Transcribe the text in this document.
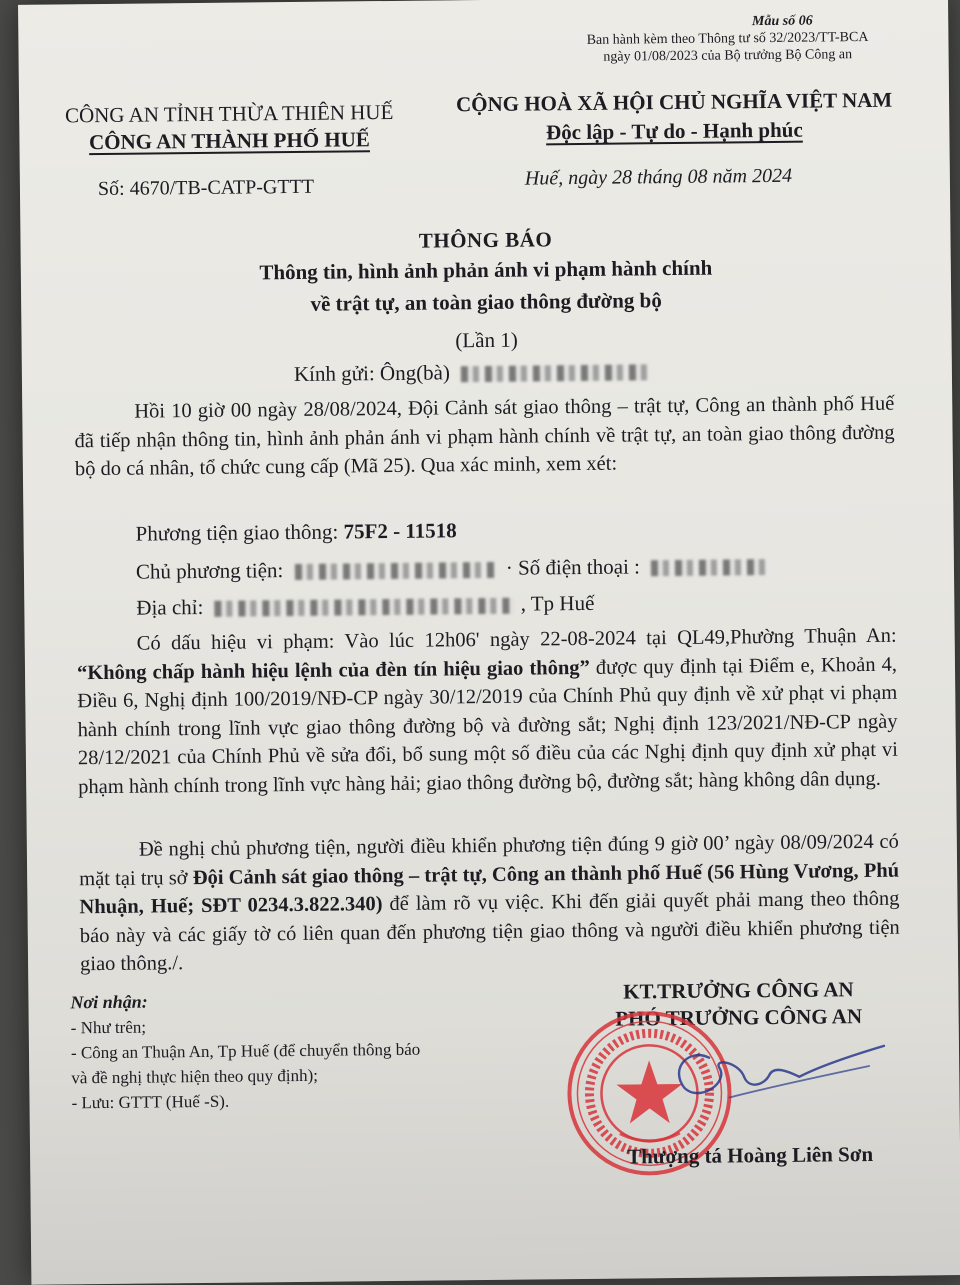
Mẫu số 06
Ban hành kèm theo Thông tư số 32/2023/TT-BCA
ngày 01/08/2023 của Bộ trưởng Bộ Công an
CÔNG AN TỈNH THỪA THIÊN HUẾ
CÔNG AN THÀNH PHỐ HUẾ
CỘNG HOÀ XÃ HỘI CHỦ NGHĨA VIỆT NAM
Độc lập - Tự do - Hạnh phúc
Số: 4670/TB-CATP-GTTT	Huế, ngày 28 tháng 08 năm 2024
THÔNG BÁO
Thông tin, hình ảnh phản ánh vi phạm hành chính
về trật tự, an toàn giao thông đường bộ
(Lần 1)
Kính gửi: Ông(bà)
Hồi 10 giờ 00 ngày 28/08/2024, Đội Cảnh sát giao thông – trật tự, Công an thành phố Huế đã tiếp nhận thông tin, hình ảnh phản ánh vi phạm hành chính về trật tự, an toàn giao thông đường bộ do cá nhân, tổ chức cung cấp (Mã 25). Qua xác minh, xem xét:
Phương tiện giao thông: 75F2 - 11518
Chủ phương tiện:	· Số điện thoại :
Địa chỉ:	, Tp Huế
Có dấu hiệu vi phạm: Vào lúc 12h06' ngày 22-08-2024 tại QL49,Phường Thuận An: “Không chấp hành hiệu lệnh của đèn tín hiệu giao thông” được quy định tại Điểm e, Khoản 4, Điều 6, Nghị định 100/2019/NĐ-CP ngày 30/12/2019 của Chính Phủ quy định về xử phạt vi phạm hành chính trong lĩnh vực giao thông đường bộ và đường sắt; Nghị định 123/2021/NĐ-CP ngày 28/12/2021 của Chính Phủ về sửa đổi, bổ sung một số điều của các Nghị định quy định xử phạt vi phạm hành chính trong lĩnh vực hàng hải; giao thông đường bộ, đường sắt; hàng không dân dụng.
Đề nghị chủ phương tiện, người điều khiển phương tiện đúng 9 giờ 00’ ngày 08/09/2024 có mặt tại trụ sở Đội Cảnh sát giao thông – trật tự, Công an thành phố Huế (56 Hùng Vương, Phú Nhuận, Huế; SĐT 0234.3.822.340) để làm rõ vụ việc. Khi đến giải quyết phải mang theo thông báo này và các giấy tờ có liên quan đến phương tiện giao thông và người điều khiển phương tiện giao thông./.
Nơi nhận:
- Như trên;
- Công an Thuận An, Tp Huế (để chuyển thông báo
và đề nghị thực hiện theo quy định);
- Lưu: GTTT (Huế -S).
KT.TRƯỞNG CÔNG AN
PHÓ TRƯỞNG CÔNG AN
Thượng tá Hoàng Liên Sơn
